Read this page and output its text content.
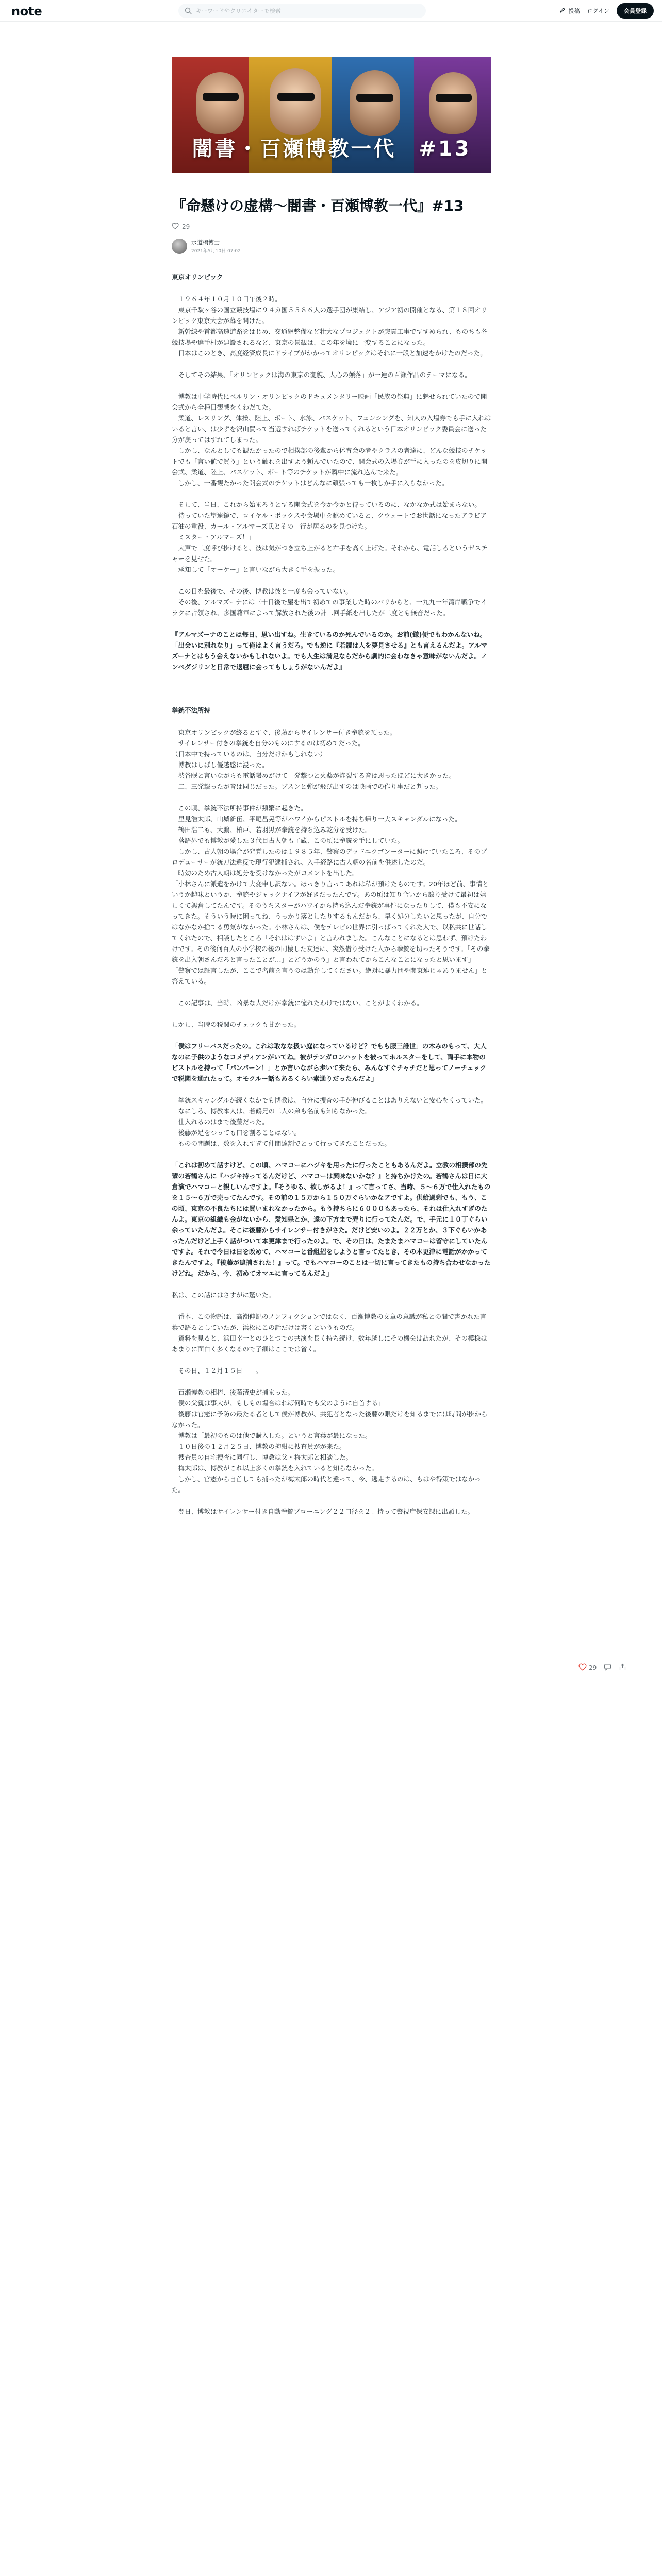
note
キーワードやクリエイターで検索	投稿 ログイン	会員登録
闇書・百瀬博教一代　#13
『命懸けの虚構〜闇書・百瀬博教一代』#13
29
水道橋博士
2021年5月10日 07:02

東京オリンピック

　１９６４年１０月１０日午後２時。

　東京千駄ヶ谷の国立競技場に９４カ国５５８６人の選手団が集結し、アジア初の開催となる、第１８回オリンピック東京大会が幕を開けた。

　新幹線や首都高速道路をはじめ、交通網整備など壮大なプロジェクトが突貫工事ですすめられ、ものちも各競技場や選手村が建設されるなど、東京の景観は、この年を境に一変することになった。

　日本はこのとき、高度経済成長にドライブがかかってオリンピックはそれに一段と加速をかけたのだった。

　そしてその結果、『オリンピックは海の東京の変貌、人心の顛落」が一連の百瀬作品のテーマになる。

　博教は中学時代にベルリン・オリンピックのドキュメンタリー映画「民族の祭典」に魅せられていたので開会式から全種目観戦をくわだてた。

　柔道、レスリング、体操、陸上、ボート、水泳、バスケット、フェンシングを、知人の入場券でも手に入れはいると言い、は少ずを沢山買って当選すればチケットを送ってくれるという日本オリンピック委員会に送った分が戻ってはずれてしまった。

　しかし、なんとしても観たかったので相撲部の後輩から体育会の者やクラスの者達に、どんな競技のチケットでも「言い値で買う」という触れを出すよう頼んでいたので、開会式の入場券が手に入ったのを皮切りに開会式、柔道、陸上、バスケット、ボート等のチケットが瞬中に流れ込んで来た。

　しかし、一番観たかった開会式のチケットはどんなに頑張っても一枚しか手に入らなかった。

　そして、当日、これから始まろうとする開会式を今か今かと待っているのに、なかなか式は始まらない。

　待っていた望遠鏡で、ロイヤル・ボックスや会場中を眺めていると、クウェートでお世話になったアラビア石油の重役、カール・アルマーズ氏とその一行が居るのを見つけた。

「ミスター・アルマーズ！」

　大声で二度呼び掛けると、彼は気がつき立ち上がると右手を高く上げた。それから、電話しろというゼスチャーを見せた。

　承知して「オーケー」と言いながら大きく手を振った。

　この日を最後で、その後、博教は彼と一度も会っていない。

　その後、アルマズーナには三十日後で屋を出て初めての事業した時のパリからと、一九九一年湾岸戦争でイラクに占領され、多国籍軍によって解放された後の計二回手紙を出したが二度とも無音だった。

『アルマズーナのことは毎日、思い出すね。生きているのか死んでいるのか。お前(鎌)便でもわかんないね。「出会いに別れなり」って俺はよく言うだろ。でも逆に『若鏡は人を夢見させる』とも言えるんだよ。アルマズーナとはもう会えないかもしれないよ。でも人生は満足ならだから劇的に会わなきゃ意味がないんだよ。ノンベダジリンと日常で退屈に会ってもしょうがないんだよ』

拳銃不法所持

　東京オリンピックが終るとすぐ、後藤からサイレンサー付き拳銃を預った。

　サイレンサー付きの拳銃を自分のものにするのは初めてだった。

（日本中で持っているのは、自分だけかもしれない）

　博教はしばし優越感に浸った。

　渋谷眠と言いながらも電話帳めがけて一発撃つと火薬が炸裂する音は思ったほどに大きかった。

　二、三発撃ったが音は同じだった。ブスンと弾が飛び出すのは映画での作り事だと判った。

　この頃、拳銃不法所持事件が頻繁に起きた。

　里見浩太郎、山城新伍、平尾昌晃等がハワイからピストルを持ち帰り一大スキャンダルになった。

　鶴田浩二も、大鵬、柏戸、若羽黒が拳銃を持ち込み乾分を受けた。

　落語界でも博教が愛した３代目古人朝も了蔵、この頃に拳銃を手にしていた。

　しかし、古人朝の場合が発覚したのは１９８５年、警察のデッドエクゴンーターに照けていたころ、そのプロデューサーが銃刀法違反で現行犯逮捕され、入手経路に古人朝の名前を供述したのだ。

　時効のため古人朝は処分を受けなかったがコメントを出した。

「小林さんに派遣をかけて大変申し訳ない。ほっきり言ってあれは私が預けたものです。20年ほど前、事情というか趣味というか、拳銃やジャックナイフが好きだったんです。あの頃は知り合いから譲り受けて最初は嬉しくて興奮してたんです。そのうちスターがハワイから持ち込んだ拳銃が事件になったりして、僕も不安になってきた。そういう時に困ってね、うっかり落としたりするもんだから、早く処分したいと思ったが、自分ではなかなか捨てる勇気がなかった。小林さんは、僕をテレビの世界に引っぱってくれた人で、以私共に世話してくれたので、相談したところ「それははずいよ」と言われました。こんなことになるとは思わず、預けたわけです。その後何百人の小学校の後の同棲した友達に、突然借り受けた人から拳銃を切ったそうです。「その拳銃を出入朝さんだろと言ったことが…」とどうかのう」と言われてからこんなことになったと思います」

「警察では証言したが、ここで名前を言うのは勘弁してください。絶対に暴力団や関東連じゃありません」と答えている。

　この記事は、当時、凶暴な人だけが拳銃に憧れたわけではない、ことがよくわかる。

しかし、当時の税関のチェックも甘かった。

「僕はフリーバスだったの。これは取なな扱い庭になっているけど？でもも服三誰世」の木みのもって、大人なのに子供のようなコメディアンがいてね。彼がテンガロンハットを被ってホルスターをして、両手に本物のピストルを持って「パンパーン！」とか言いながら歩いて来たら、みんなすぐチャチだと思ってノーチェックで税関を通れたって。オモクルー話もあるくらい素通りだったんだよ」

　拳銃スキャンダルが続くなかでも博教は、自分に捜査の手が伸びることはありえないと安心をくっていた。

　なにしろ、博教本人は、若鶴兄の二人の弟も名前も知らなかった。

　仕入れるのはまで後藤だった。

　後藤が足をつっても口を割ることはない。

　ものの問題は、数を入れすぎて仲間達割でとって行ってきたことだった。

「これは初めて話すけど、この頃、ハマコーにハジキを用ったに行ったこともあるんだよ。立教の相撲部の先輩の若鶴さんに『ハジキ持ってるんだけど、ハマコーは興味ないかな？』と持ちかけたの。若鶴さんは日に大倉演でハマコーと親しいんですよ。『そうゆる、欲しがるよ！』って言ってさ、当時、５〜６万で仕入れたものを１５〜６万で売ってたんです。その前の１５万から１５０万ぐらいかなアですよ。供給過剰でも、もう、この頃、東京の不良たちには買いまれなかったから。もう持ちらに６０００もあったら、それは仕入れすぎのたんよ。東京の組織も金がないから、愛知県とか、遠の下方まで売りに行ってたんだ。で、手元に１０丁ぐらい余っていたんだよ。そこに後藤からサイレンサー付きがさた。だけど安いのよ。２２万とか、３下ぐらいかあったんだけど上手く話がついて本更津まで行ったのよ。で、その日は、たまたまハマコーは留守にしていたんですよ。それで今日は日を改めて、ハマコーと番組招をしようと言ってたとき、その木更津に電話がかかってきたんですよ。『後藤が逮捕された！』って。でもハマコーのことは一切に言ってきたもの持ち合わせなかったけどね。だから、今、初めてオマエに言ってるんだよ」

私は、この話にはさすがに驚いた。

一番本、この物語は、高潮伸記のノンフィクションではなく、百瀬博教の文章の意識が私との間で書かれた言葉で語るとしていたが、浜松にこの話だけは書くというものだ。

　資料を見ると、浜田幸一とのひとつでの共演を長く持ち続け、数年越しにその機会は訪れたが、その模様はあまりに面白く多くなるので子細はここでは省く。

　その日、１２月１５日――。

　百瀬博教の相棒、後藤清史が捕まった。

「僕の父親は事大が、もしもの場合はれば何時でも父のように自首する」

　後藤は官憲に予防の最たる者として僕が博教が、共犯者となった後藤の眼だけを知るまでには時間が掛からなかった。

　博教は「最初のものは他で購入した。というと言葉が最になった。

　１０日後の１２月２５日、博教の拘紺に捜査員がが来た。

　捜査員の自宅捜査に同行し、博教は父・梅太郎と相談した。

　梅太郎は、博教がこれ以上多くの拳銃を入れていると知らなかった。

　しかし、官憲から自首しても捕ったが梅太郎の時代と違って、今、逃走するのは、もはや得策ではなかった。

　翌日、博教はサイレンサー付き自動拳銃ブローニング２２口径を２丁持って警視庁保安課に出頭した。

29
